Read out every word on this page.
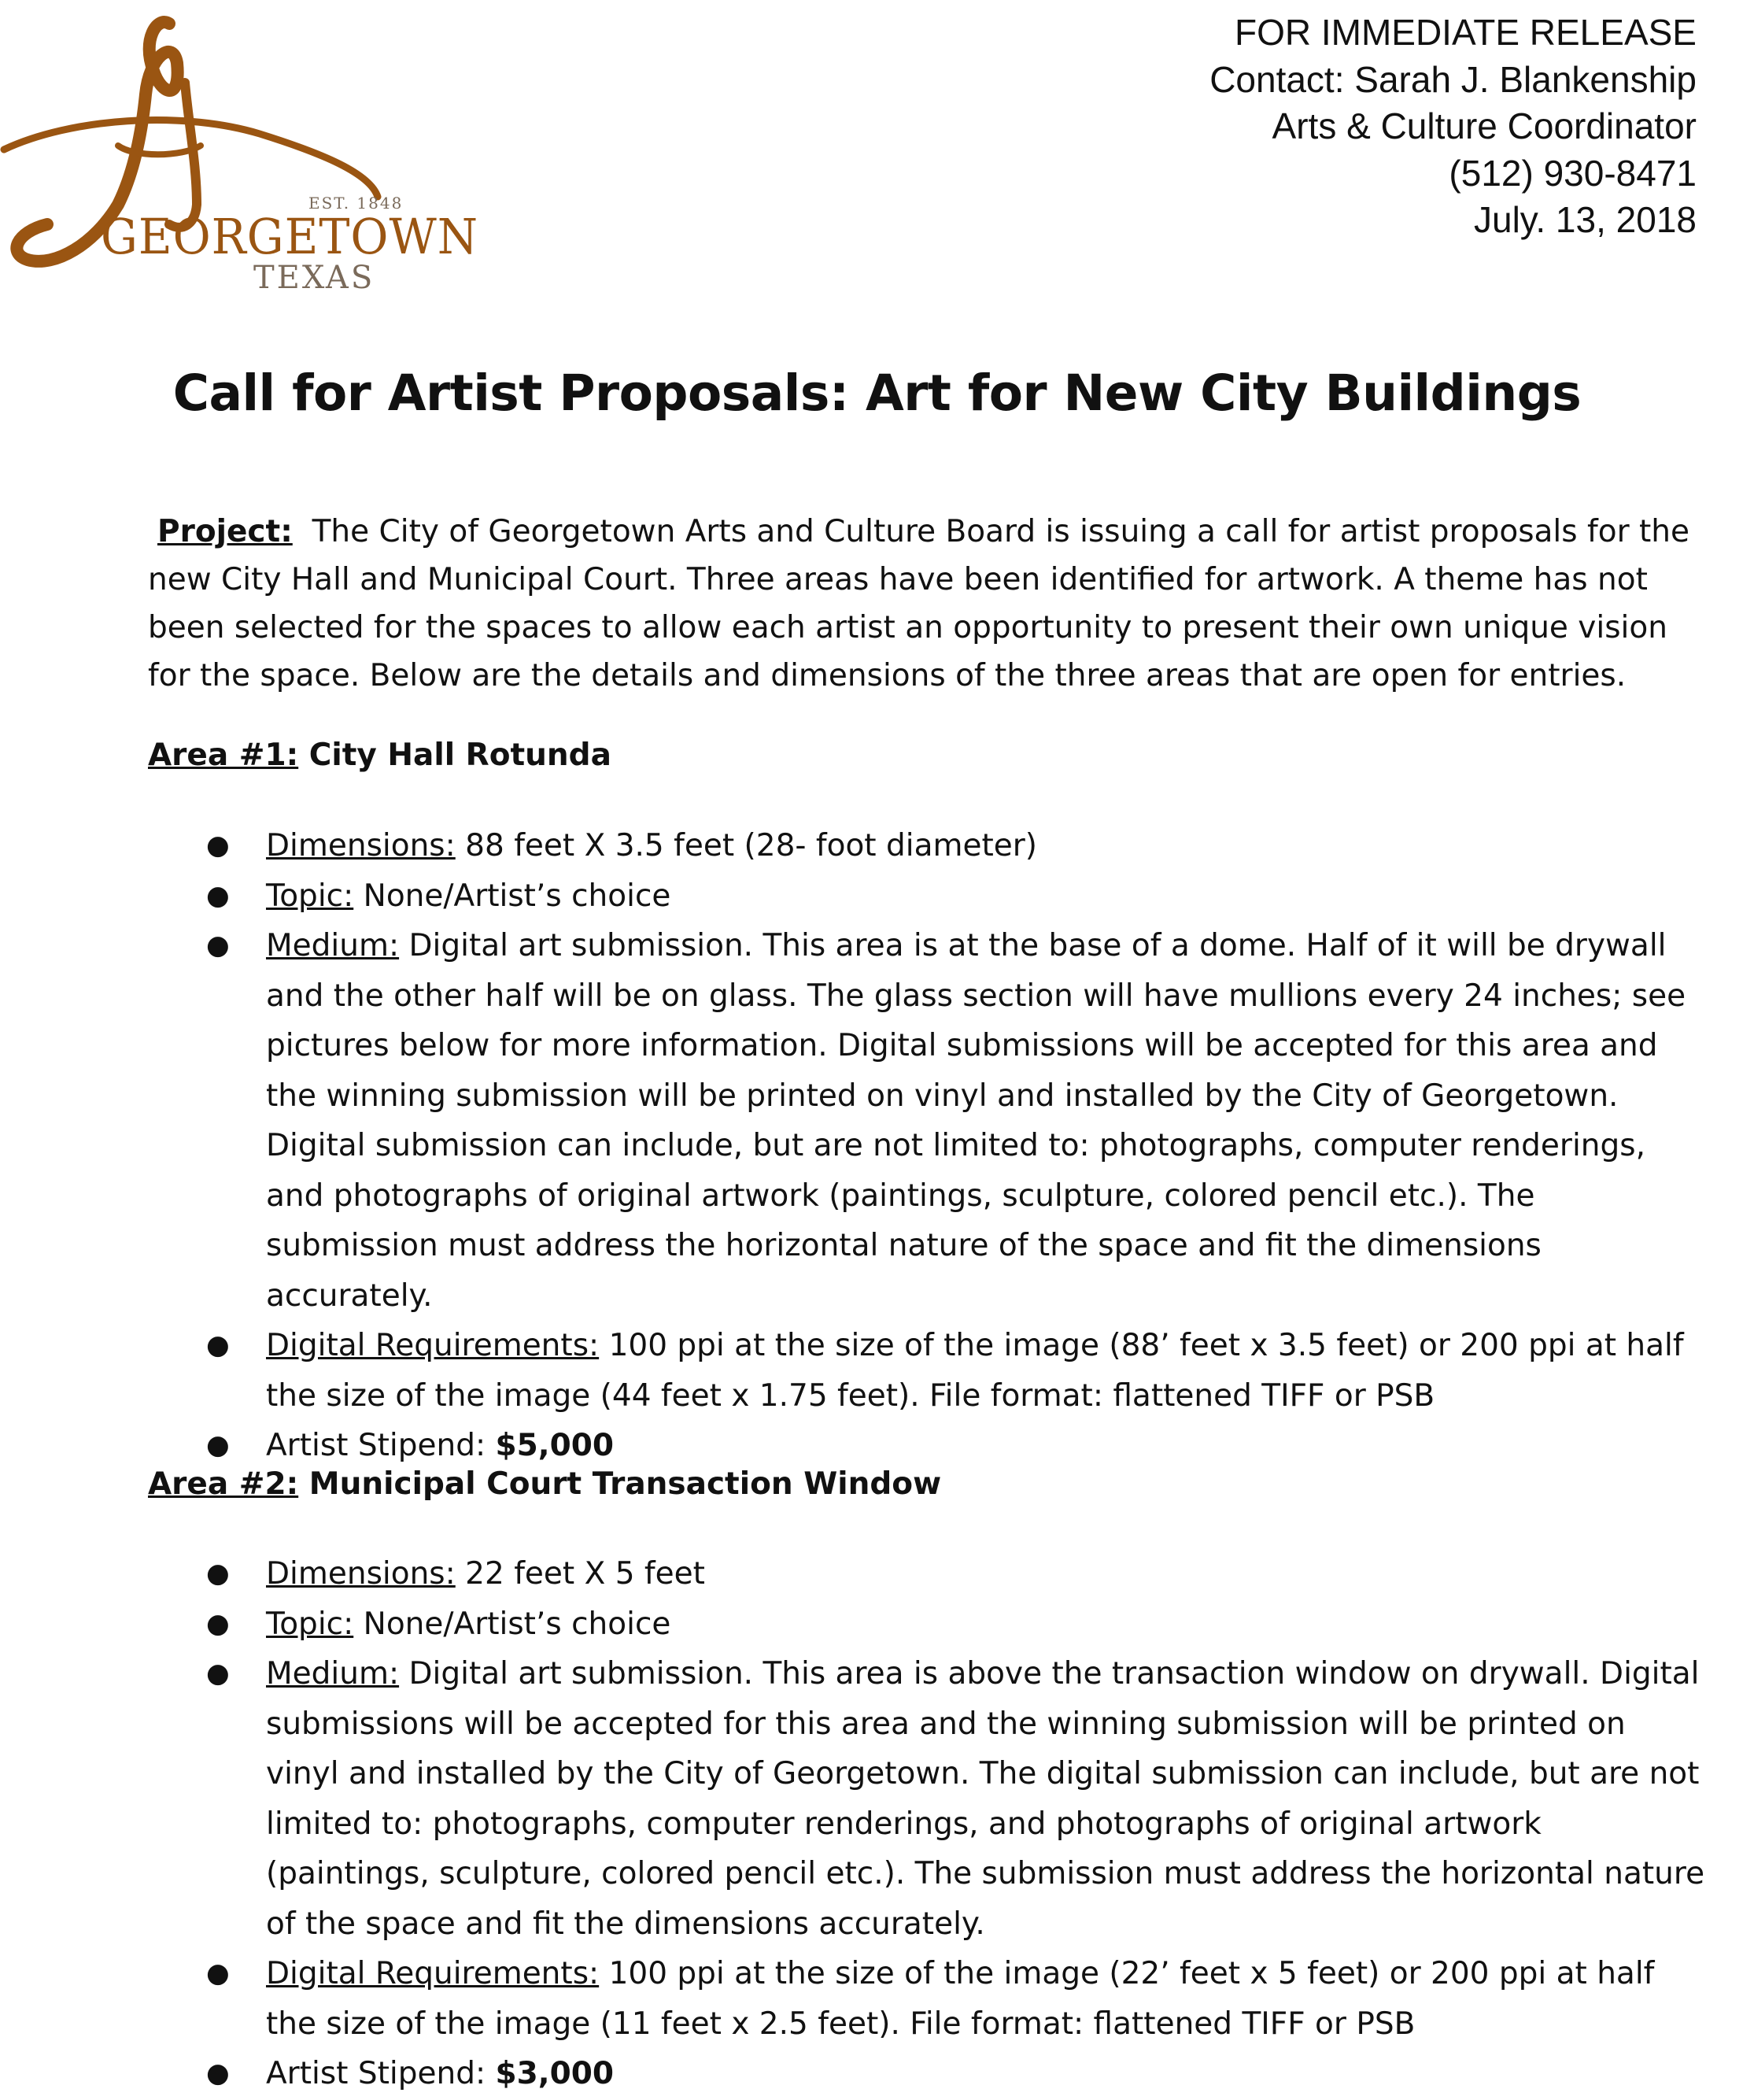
EST. 1848
GEORGETOWN
TEXAS
FOR IMMEDIATE RELEASE
Contact: Sarah J. Blankenship
Arts & Culture Coordinator
(512) 930-8471
July. 13, 2018
Call for Artist Proposals: Art for New City Buildings
Project: The City of Georgetown Arts and Culture Board is issuing a call for artist proposals for the new City Hall and Municipal Court. Three areas have been identified for artwork. A theme has not been selected for the spaces to allow each artist an opportunity to present their own unique vision for the space. Below are the details and dimensions of the three areas that are open for entries.
Area #1: City Hall Rotunda
● Dimensions: 88 feet X 3.5 feet (28- foot diameter)
● Topic: None/Artist’s choice
● Medium: Digital art submission. This area is at the base of a dome. Half of it will be drywall and the other half will be on glass. The glass section will have mullions every 24 inches; see pictures below for more information. Digital submissions will be accepted for this area and the winning submission will be printed on vinyl and installed by the City of Georgetown. Digital submission can include, but are not limited to: photographs, computer renderings, and photographs of original artwork (paintings, sculpture, colored pencil etc.). The submission must address the horizontal nature of the space and fit the dimensions accurately.
● Digital Requirements: 100 ppi at the size of the image (88’ feet x 3.5 feet) or 200 ppi at half the size of the image (44 feet x 1.75 feet). File format: flattened TIFF or PSB
● Artist Stipend: $5,000
Area #2: Municipal Court Transaction Window
● Dimensions: 22 feet X 5 feet
● Topic: None/Artist’s choice
● Medium: Digital art submission. This area is above the transaction window on drywall. Digital submissions will be accepted for this area and the winning submission will be printed on vinyl and installed by the City of Georgetown. The digital submission can include, but are not limited to: photographs, computer renderings, and photographs of original artwork (paintings, sculpture, colored pencil etc.). The submission must address the horizontal nature of the space and fit the dimensions accurately.
● Digital Requirements: 100 ppi at the size of the image (22’ feet x 5 feet) or 200 ppi at half the size of the image (11 feet x 2.5 feet). File format: flattened TIFF or PSB
● Artist Stipend: $3,000
